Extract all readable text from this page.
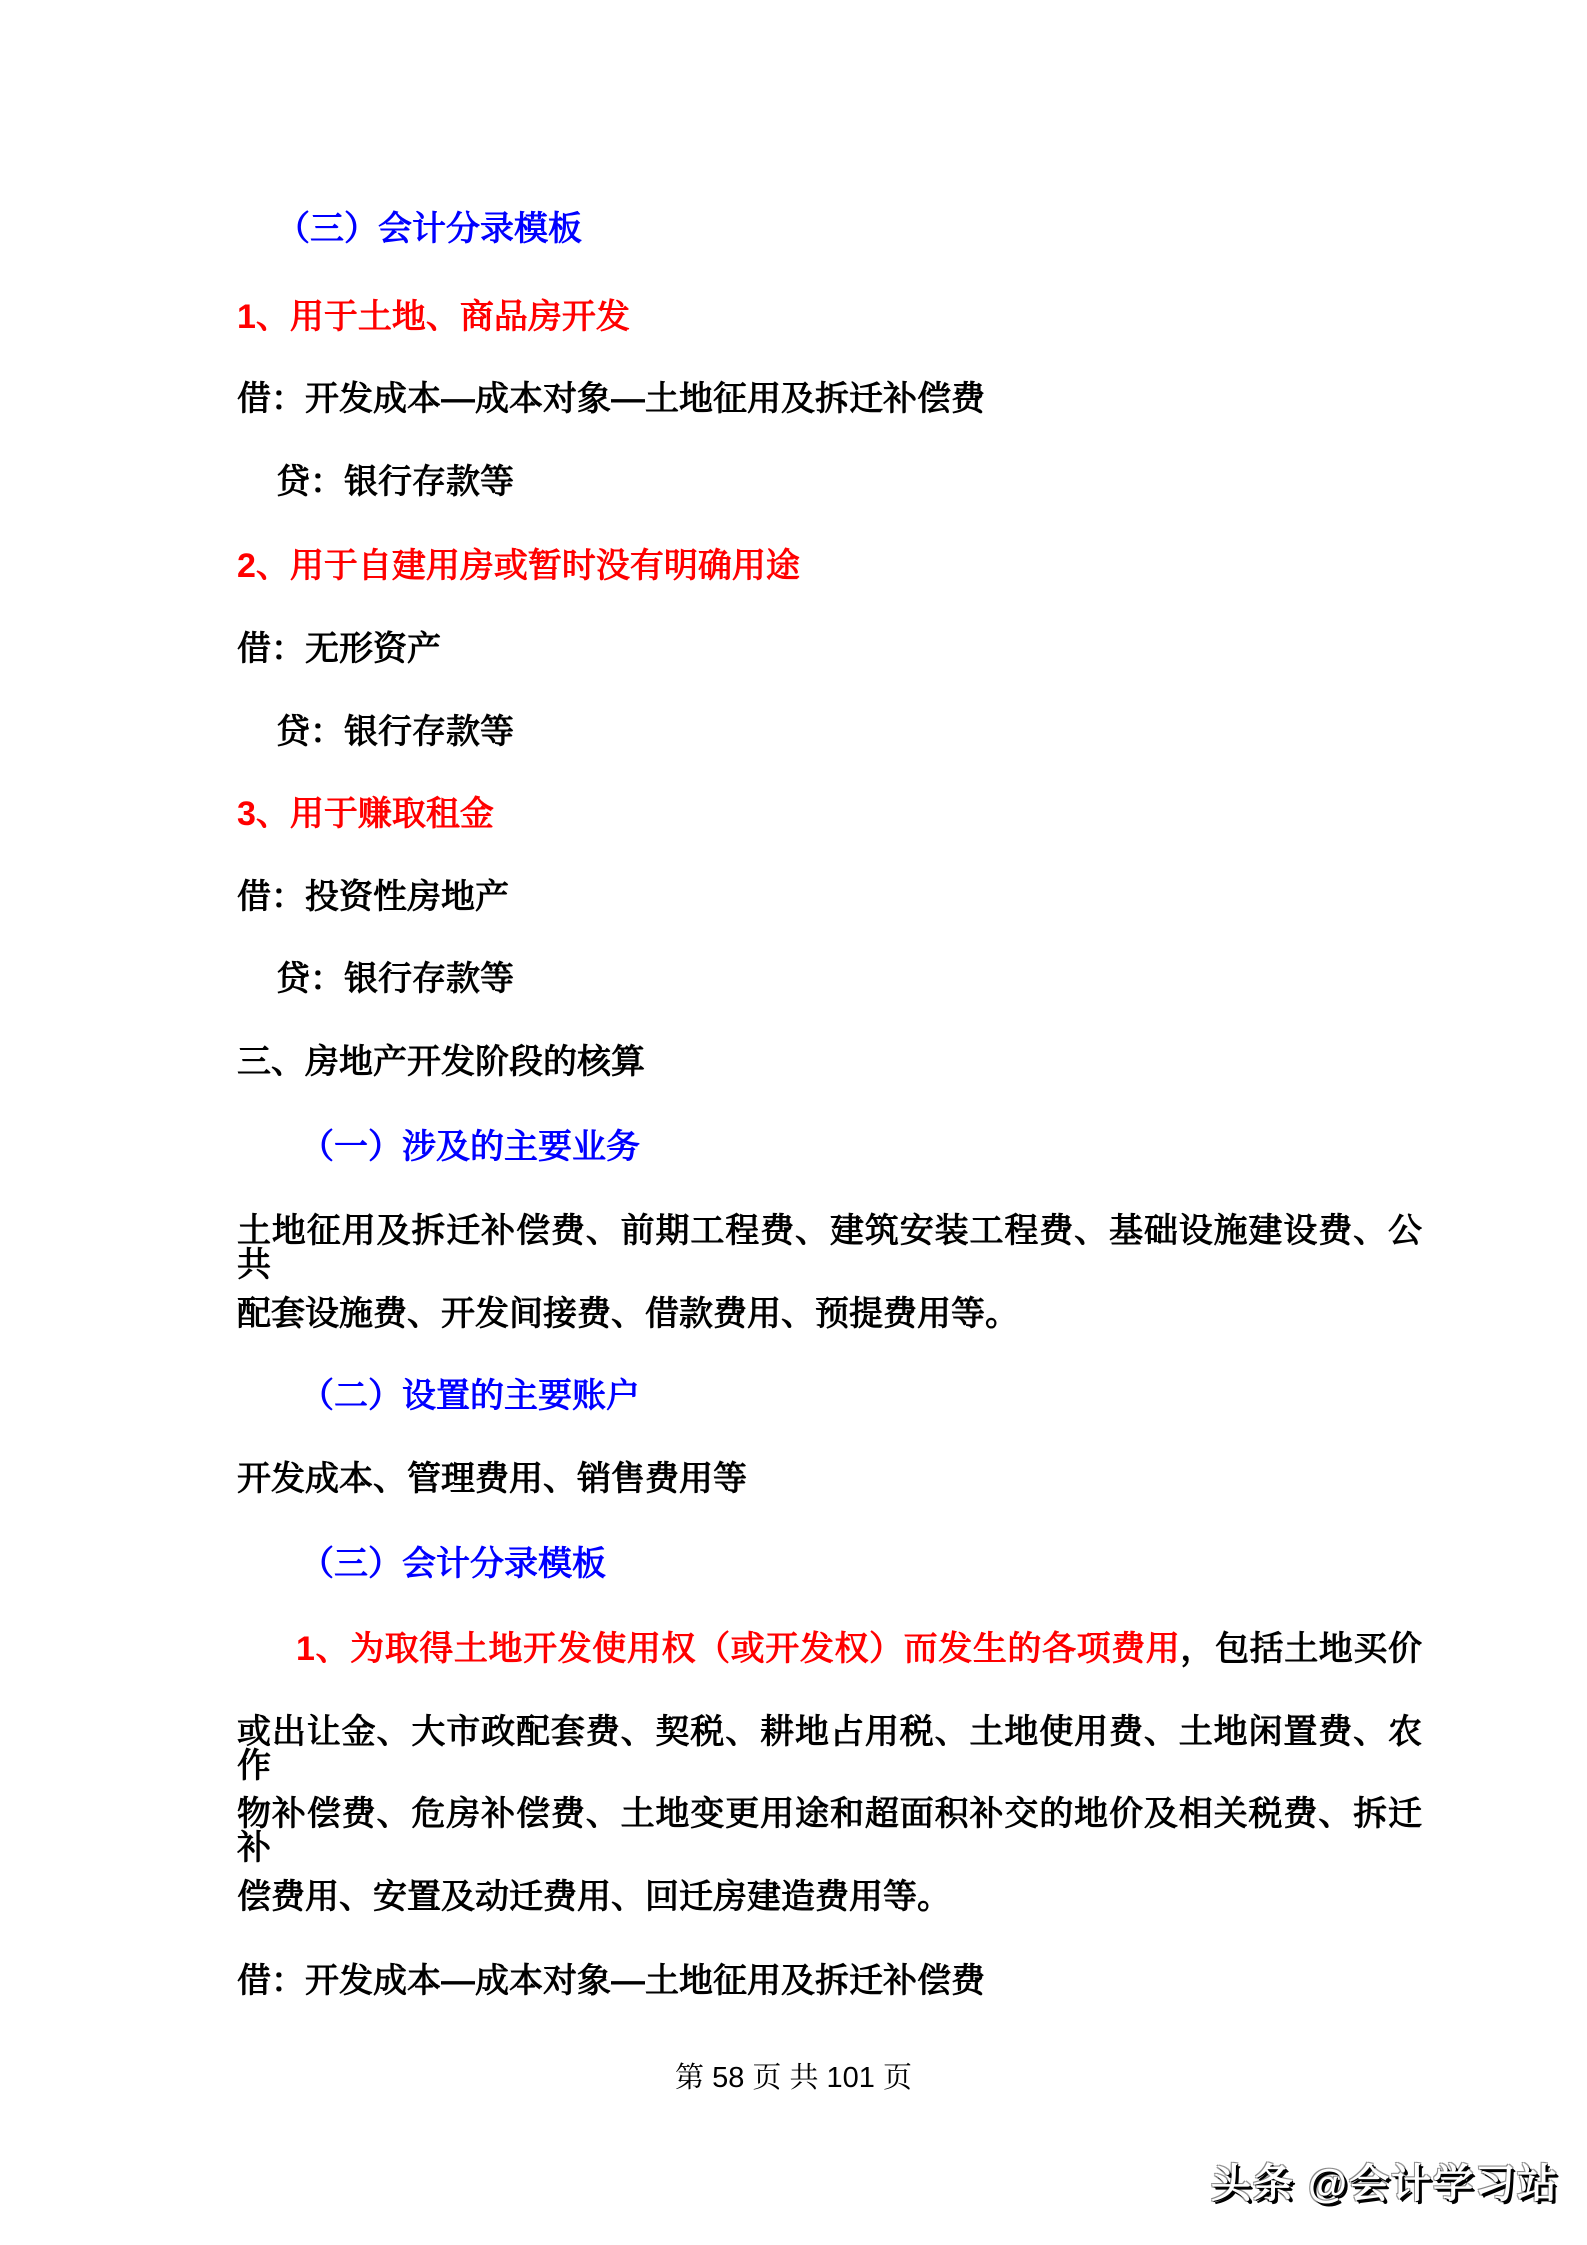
（三）会计分录模板
1、用于土地、商品房开发
借：开发成本—成本对象—土地征用及拆迁补偿费
贷：银行存款等
2、用于自建用房或暂时没有明确用途
借：无形资产
贷：银行存款等
3、用于赚取租金
借：投资性房地产
贷：银行存款等
三、房地产开发阶段的核算
（一）涉及的主要业务
土地征用及拆迁补偿费、前期工程费、建筑安装工程费、基础设施建设费、公共
配套设施费、开发间接费、借款费用、预提费用等。
（二）设置的主要账户
开发成本、管理费用、销售费用等
（三）会计分录模板
1、为取得土地开发使用权（或开发权）而发生的各项费用，包括土地买价
或出让金、大市政配套费、契税、耕地占用税、土地使用费、土地闲置费、农作
物补偿费、危房补偿费、土地变更用途和超面积补交的地价及相关税费、拆迁补
偿费用、安置及动迁费用、回迁房建造费用等。
借：开发成本—成本对象—土地征用及拆迁补偿费
第 58 页 共 101 页
头条 @会计学习站
